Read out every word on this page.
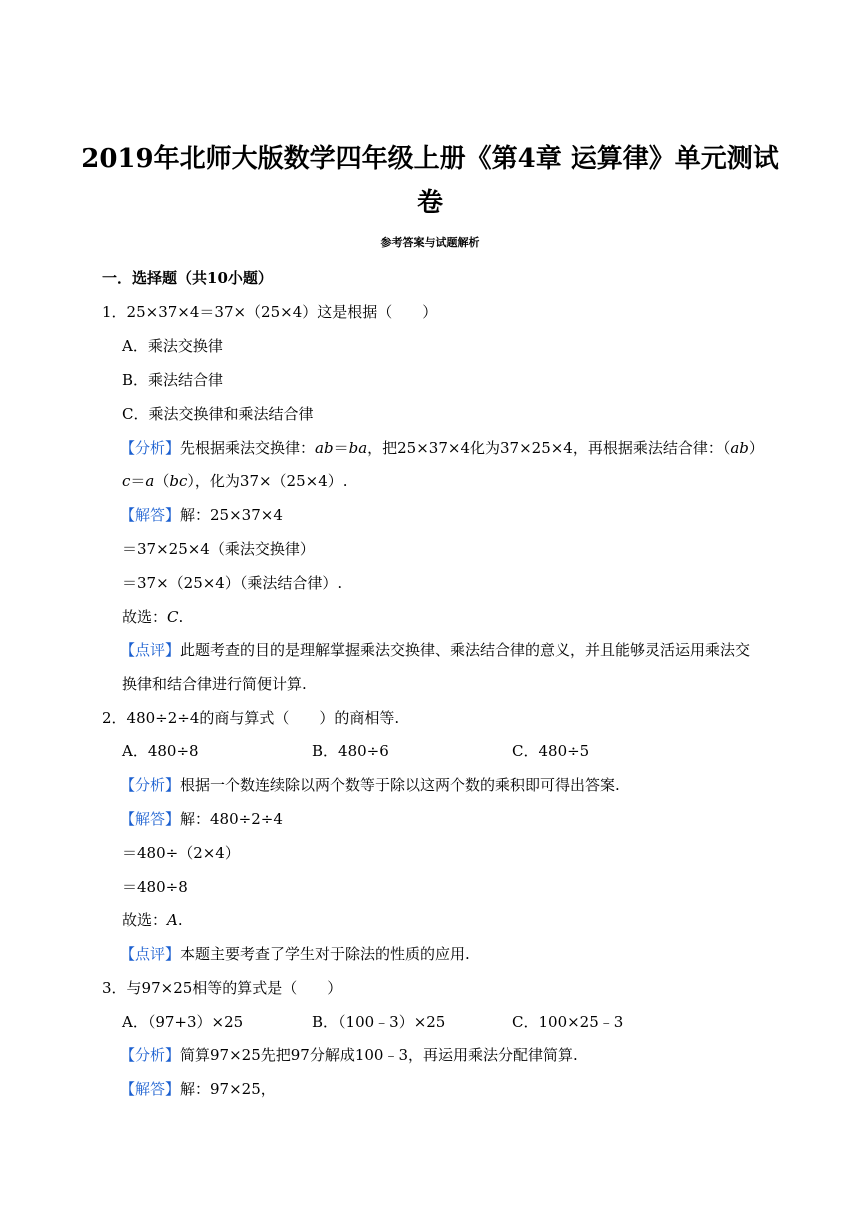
2019年北师大版数学四年级上册《第4章 运算律》单元测试
卷
参考答案与试题解析
一．选择题（共10小题）
1．25×37×4＝37×（25×4）这是根据（　　）
A．乘法交换律
B．乘法结合律
C．乘法交换律和乘法结合律
【分析】先根据乘法交换律：ab＝ba，把25×37×4化为37×25×4，再根据乘法结合律：（ab）
c＝a（bc），化为37×（25×4）.
【解答】解：25×37×4
＝37×25×4（乘法交换律）
＝37×（25×4）（乘法结合律）.
故选：C.
【点评】此题考查的目的是理解掌握乘法交换律、乘法结合律的意义，并且能够灵活运用乘法交
换律和结合律进行简便计算.
2．480÷2÷4的商与算式（　　）的商相等.
A．480÷8	B．480÷6	C．480÷5
【分析】根据一个数连续除以两个数等于除以这两个数的乘积即可得出答案.
【解答】解：480÷2÷4
＝480÷（2×4）
＝480÷8
故选：A.
【点评】本题主要考查了学生对于除法的性质的应用.
3．与97×25相等的算式是（　　）
A．（97+3）×25	B．（100﹣3）×25	C．100×25﹣3
【分析】简算97×25先把97分解成100﹣3，再运用乘法分配律简算.
【解答】解：97×25，
